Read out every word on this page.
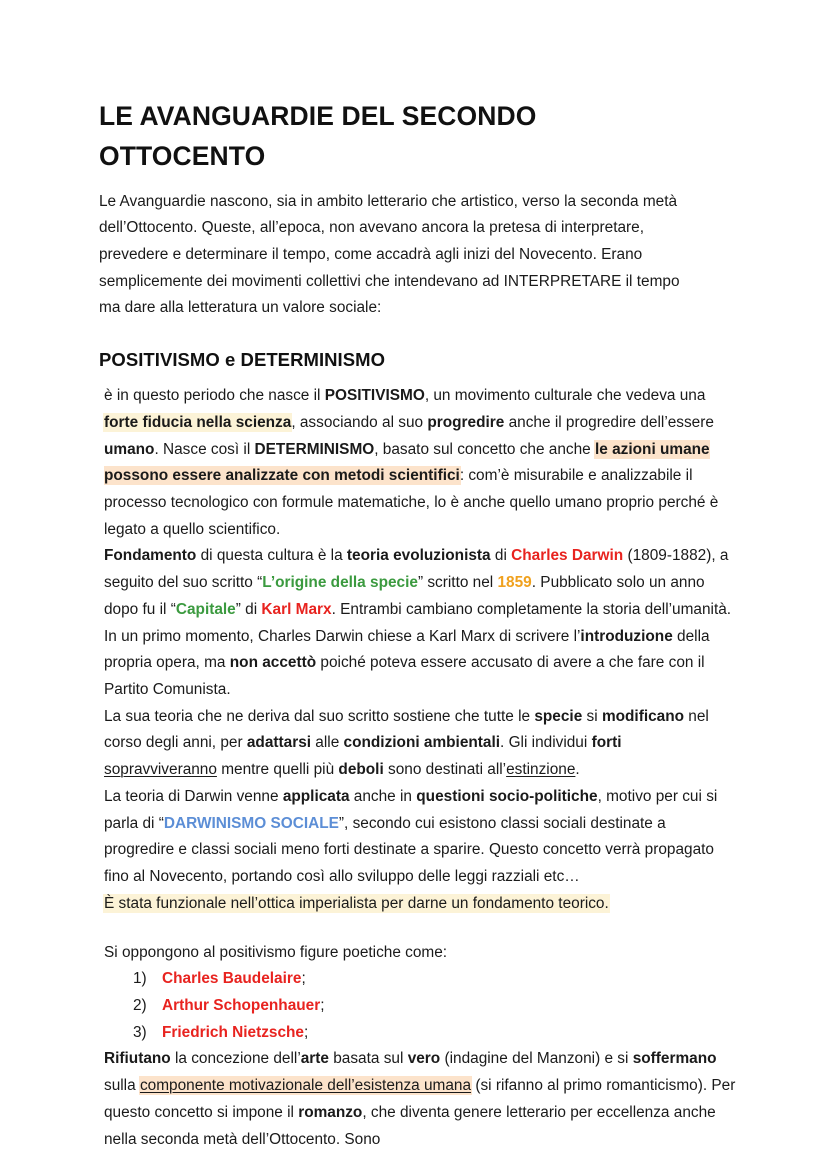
LE AVANGUARDIE DEL SECONDO OTTOCENTO

Le Avanguardie nascono, sia in ambito letterario che artistico, verso la seconda metà dell’Ottocento. Queste, all’epoca, non avevano ancora la pretesa di interpretare, prevedere e determinare il tempo, come accadrà agli inizi del Novecento. Erano semplicemente dei movimenti collettivi che intendevano ad INTERPRETARE il tempo ma dare alla letteratura un valore sociale:

POSITIVISMO e DETERMINISMO

è in questo periodo che nasce il POSITIVISMO, un movimento culturale che vedeva una forte fiducia nella scienza, associando al suo progredire anche il progredire dell’essere umano. Nasce così il DETERMINISMO, basato sul concetto che anche le azioni umane possono essere analizzate con metodi scientifici: com’è misurabile e analizzabile il processo tecnologico con formule matematiche, lo è anche quello umano proprio perché è legato a quello scientifico.

Fondamento di questa cultura è la teoria evoluzionista di Charles Darwin (1809-1882), a seguito del suo scritto “L’origine della specie” scritto nel 1859. Pubblicato solo un anno dopo fu il “Capitale” di Karl Marx. Entrambi cambiano completamente la storia dell’umanità.

In un primo momento, Charles Darwin chiese a Karl Marx di scrivere l’introduzione della propria opera, ma non accettò poiché poteva essere accusato di avere a che fare con il Partito Comunista.

La sua teoria che ne deriva dal suo scritto sostiene che tutte le specie si modificano nel corso degli anni, per adattarsi alle condizioni ambientali. Gli individui forti sopravviveranno mentre quelli più deboli sono destinati all’estinzione.

La teoria di Darwin venne applicata anche in questioni socio-politiche, motivo per cui si parla di “DARWINISMO SOCIALE”, secondo cui esistono classi sociali destinate a progredire e classi sociali meno forti destinate a sparire. Questo concetto verrà propagato fino al Novecento, portando così allo sviluppo delle leggi razziali etc…

È stata funzionale nell’ottica imperialista per darne un fondamento teorico.

Si oppongono al positivismo figure poetiche come:

1) Charles Baudelaire;
2) Arthur Schopenhauer;
3) Friedrich Nietzsche;

Rifiutano la concezione dell’arte basata sul vero (indagine del Manzoni) e si soffermano sulla componente motivazionale dell’esistenza umana (si rifanno al primo romanticismo). Per questo concetto si impone il romanzo, che diventa genere letterario per eccellenza anche nella seconda metà dell’Ottocento. Sono
